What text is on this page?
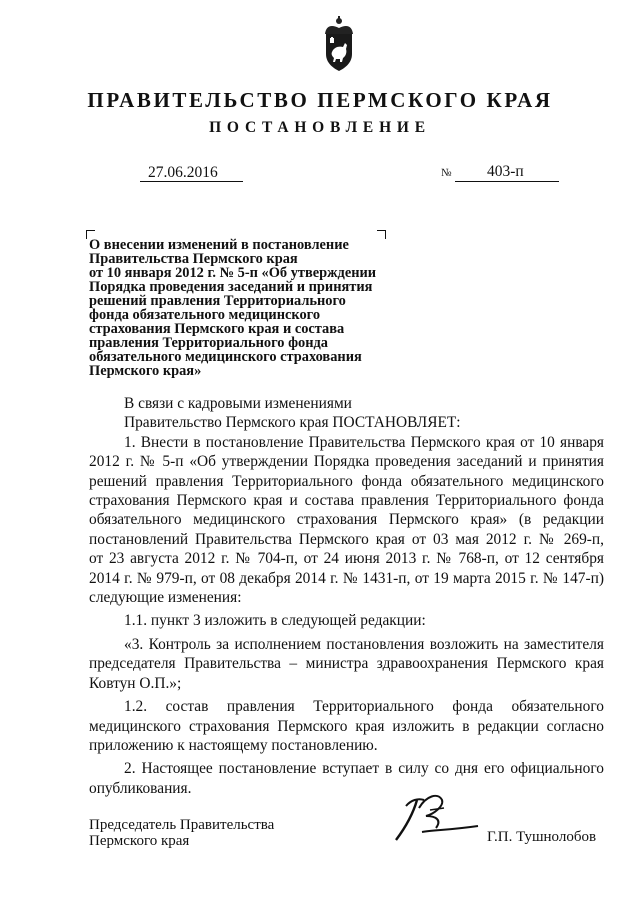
ПРАВИТЕЛЬСТВО ПЕРМСКОГО КРАЯ
ПОСТАНОВЛЕНИЕ
27.06.2016	№ 403-п
О внесении изменений в постановление
Правительства Пермского края
от 10 января 2012 г. № 5-п «Об утверждении
Порядка проведения заседаний и принятия
решений правления Территориального
фонда обязательного медицинского
страхования Пермского края и состава
правления Территориального фонда
обязательного медицинского страхования
Пермского края»
В связи с кадровыми изменениями
Правительство Пермского края ПОСТАНОВЛЯЕТ:
1. Внести в постановление Правительства Пермского края от 10 января
2012 г. № 5-п «Об утверждении Порядка проведения заседаний и принятия
решений правления Территориального фонда обязательного медицинского
страхования Пермского края и состава правления Территориального фонда
обязательного медицинского страхования Пермского края» (в редакции
постановлений Правительства Пермского края от 03 мая 2012 г. № 269-п,
от 23 августа 2012 г. № 704-п, от 24 июня 2013 г. № 768-п, от 12 сентября
2014 г. № 979-п, от 08 декабря 2014 г. № 1431-п, от 19 марта 2015 г. № 147-п)
следующие изменения:
1.1. пункт 3 изложить в следующей редакции:
«3. Контроль за исполнением постановления возложить на заместителя
председателя Правительства – министра здравоохранения Пермского края
Ковтун О.П.»;
1.2. состав правления Территориального фонда обязательного
медицинского страхования Пермского края изложить в редакции согласно
приложению к настоящему постановлению.
2. Настоящее постановление вступает в силу со дня его официального
опубликования.
Председатель Правительства
Пермского края	Г.П. Тушнолобов
